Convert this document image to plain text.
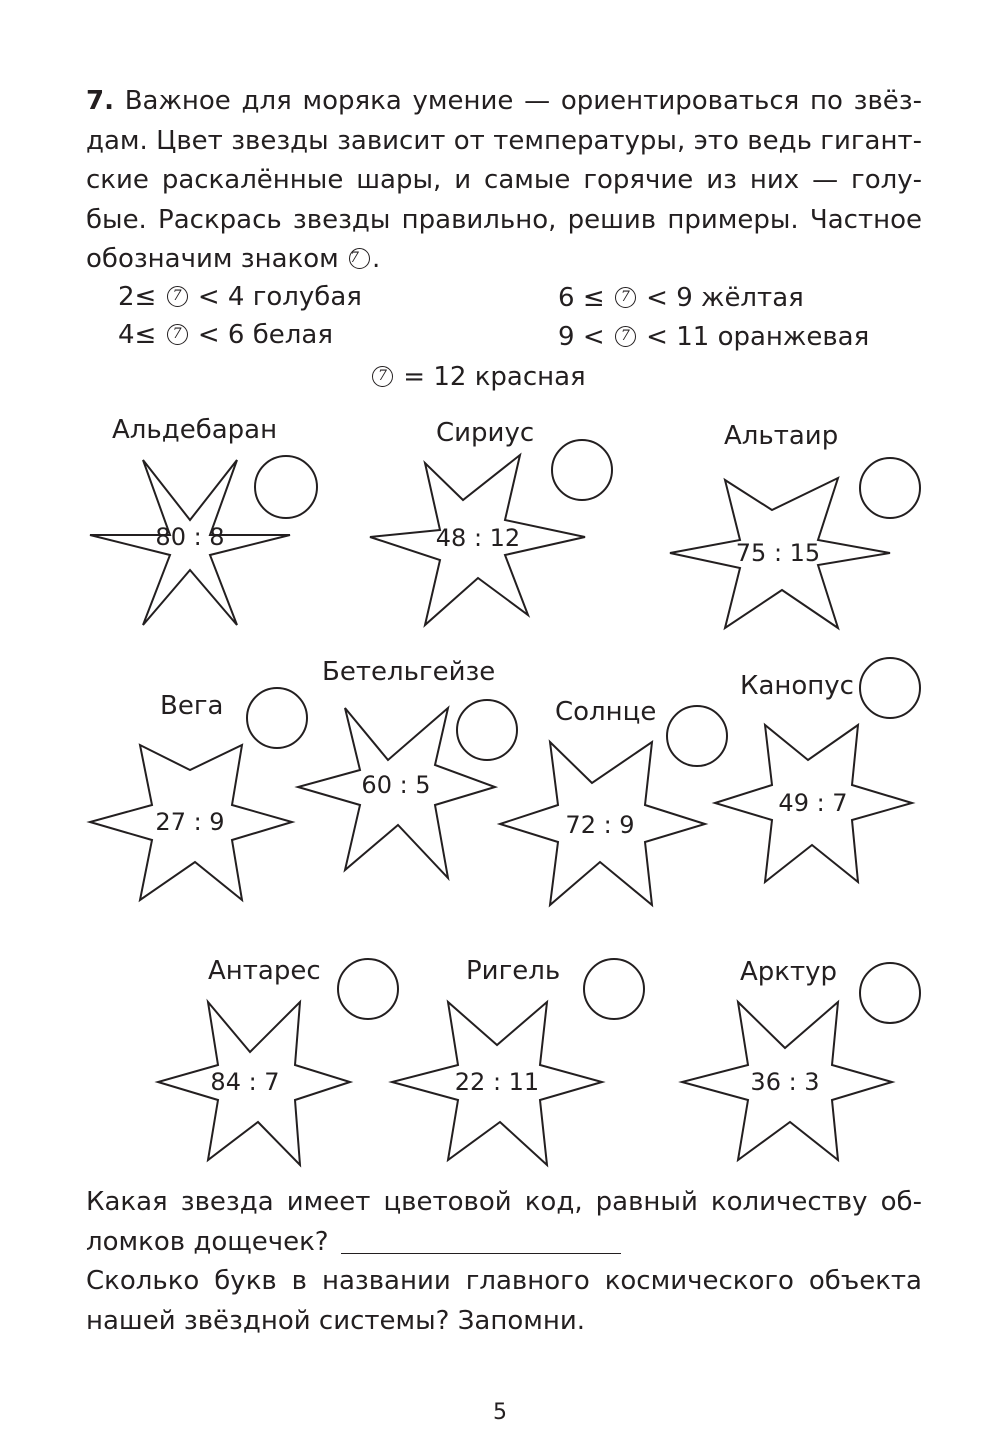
7. Важное для моряка умение — ориентироваться по звёздам. Цвет звезды зависит от температуры, это ведь гигантские раскалённые шары, и самые горячие из них — голубые. Раскрась звезды правильно, решив примеры. Частное обозначим знаком 7 .

2≤ 7 < 4 голубая
4≤ 7 < 6 белая
6 ≤ 7 < 9 жёлтая
9 < 7 < 11 оранжевая
7 = 12 красная
Альдебаран	Сириус	Альтаир
Вега
Бетельгейзе
Солнце
Канопус
Антарес	Ригель	Арктур
80 : 8	48 : 12
75 : 15
27 : 9
60 : 5
72 : 9
49 : 7
84 : 7	22 : 11	36 : 3

Какая звезда имеет цветовой код, равный количеству обломков дощечек?

Сколько букв в названии главного космического объекта нашей звёздной системы? Запомни.

5
